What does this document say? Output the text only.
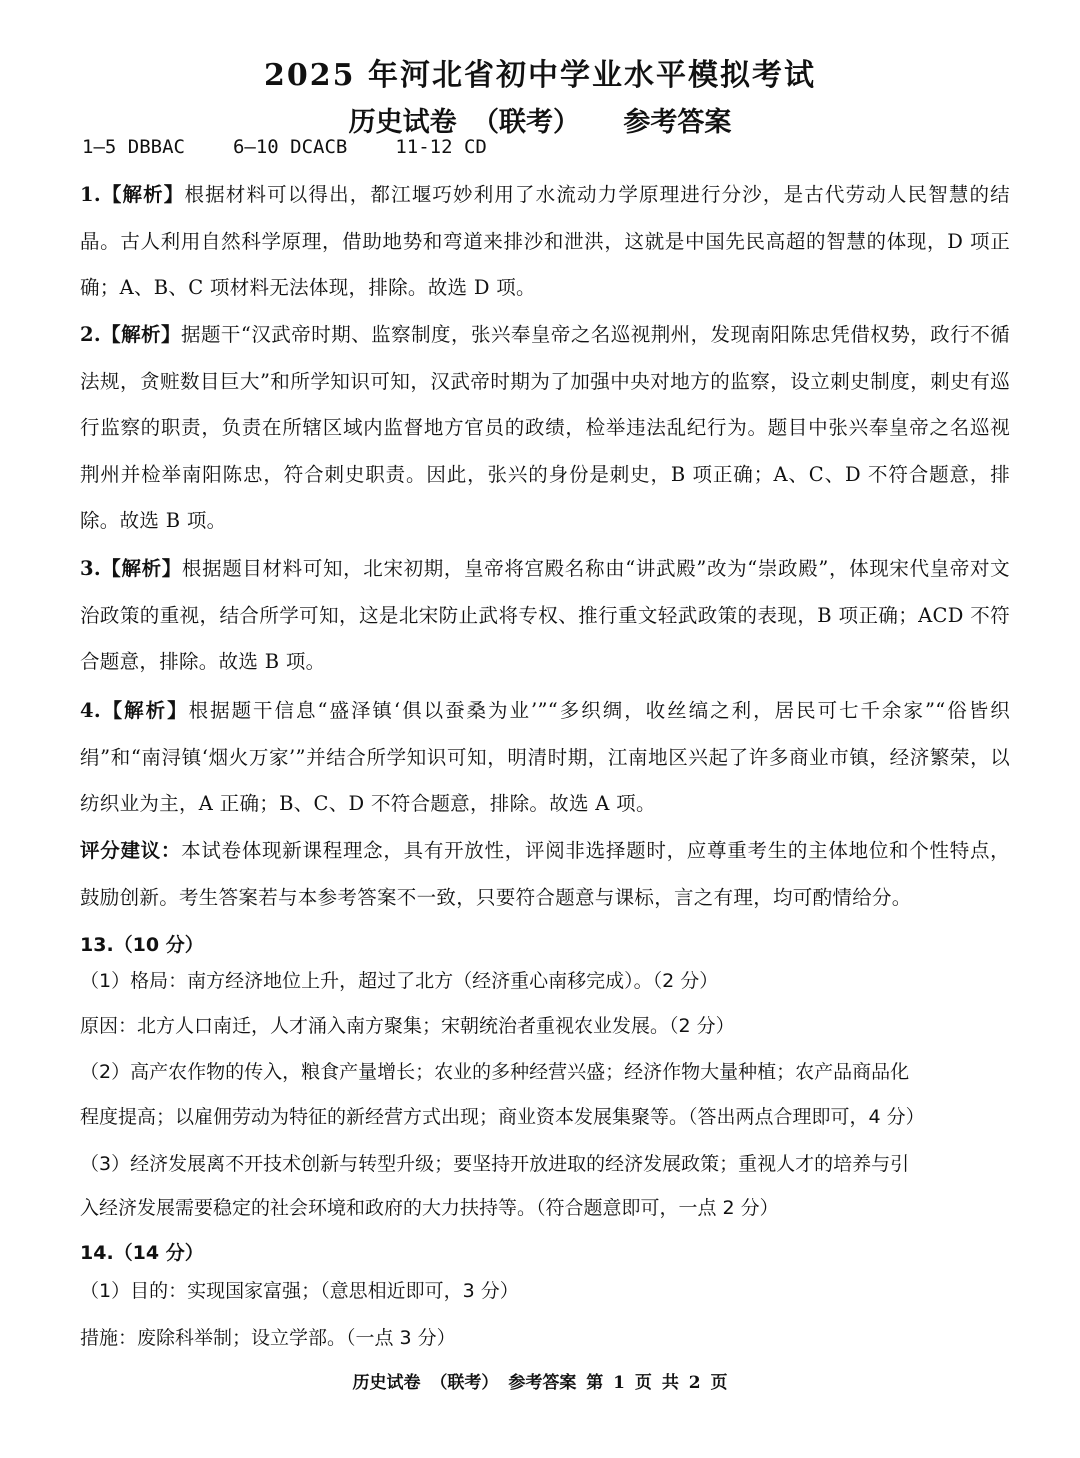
2025 年河北省初中学业水平模拟考试
历史试卷 （联考） 参考答案
1—5 DBBAC	6—10 DCACB	11-12 CD
1.【解析】根据材料可以得出，都江堰巧妙利用了水流动力学原理进行分沙，是古代劳动人民智慧的结晶。古人利用自然科学原理，借助地势和弯道来排沙和泄洪，这就是中国先民高超的智慧的体现，D 项正确；A、B、C 项材料无法体现，排除。故选 D 项。
2.【解析】据题干“汉武帝时期、监察制度，张兴奉皇帝之名巡视荆州，发现南阳陈忠凭借权势，政行不循法规，贪赃数目巨大”和所学知识可知，汉武帝时期为了加强中央对地方的监察，设立刺史制度，刺史有巡行监察的职责，负责在所辖区域内监督地方官员的政绩，检举违法乱纪行为。题目中张兴奉皇帝之名巡视荆州并检举南阳陈忠，符合刺史职责。因此，张兴的身份是刺史，B 项正确；A、C、D 不符合题意，排除。故选 B 项。
3.【解析】根据题目材料可知，北宋初期，皇帝将宫殿名称由“讲武殿”改为“崇政殿”，体现宋代皇帝对文治政策的重视，结合所学可知，这是北宋防止武将专权、推行重文轻武政策的表现，B 项正确；ACD 不符合题意，排除。故选 B 项。
4.【解析】根据题干信息“盛泽镇‘俱以蚕桑为业’”“多织绸，收丝缟之利，居民可七千余家”“俗皆织绢”和“南浔镇‘烟火万家’”并结合所学知识可知，明清时期，江南地区兴起了许多商业市镇，经济繁荣，以纺织业为主，A 正确；B、C、D 不符合题意，排除。故选 A 项。
评分建议：本试卷体现新课程理念，具有开放性，评阅非选择题时，应尊重考生的主体地位和个性特点，鼓励创新。考生答案若与本参考答案不一致，只要符合题意与课标，言之有理，均可酌情给分。
13.（10 分）
（1）格局：南方经济地位上升，超过了北方（经济重心南移完成）。（2 分）
原因：北方人口南迁，人才涌入南方聚集；宋朝统治者重视农业发展。（2 分）
（2）高产农作物的传入，粮食产量增长；农业的多种经营兴盛；经济作物大量种植；农产品商品化
程度提高；以雇佣劳动为特征的新经营方式出现；商业资本发展集聚等。（答出两点合理即可，4 分）
（3）经济发展离不开技术创新与转型升级；要坚持开放进取的经济发展政策；重视人才的培养与引
入经济发展需要稳定的社会环境和政府的大力扶持等。（符合题意即可，一点 2 分）
14.（14 分）
（1）目的：实现国家富强；（意思相近即可，3 分）
措施：废除科举制；设立学部。（一点 3 分）
历史试卷 （联考） 参考答案 第 1 页 共 2 页
